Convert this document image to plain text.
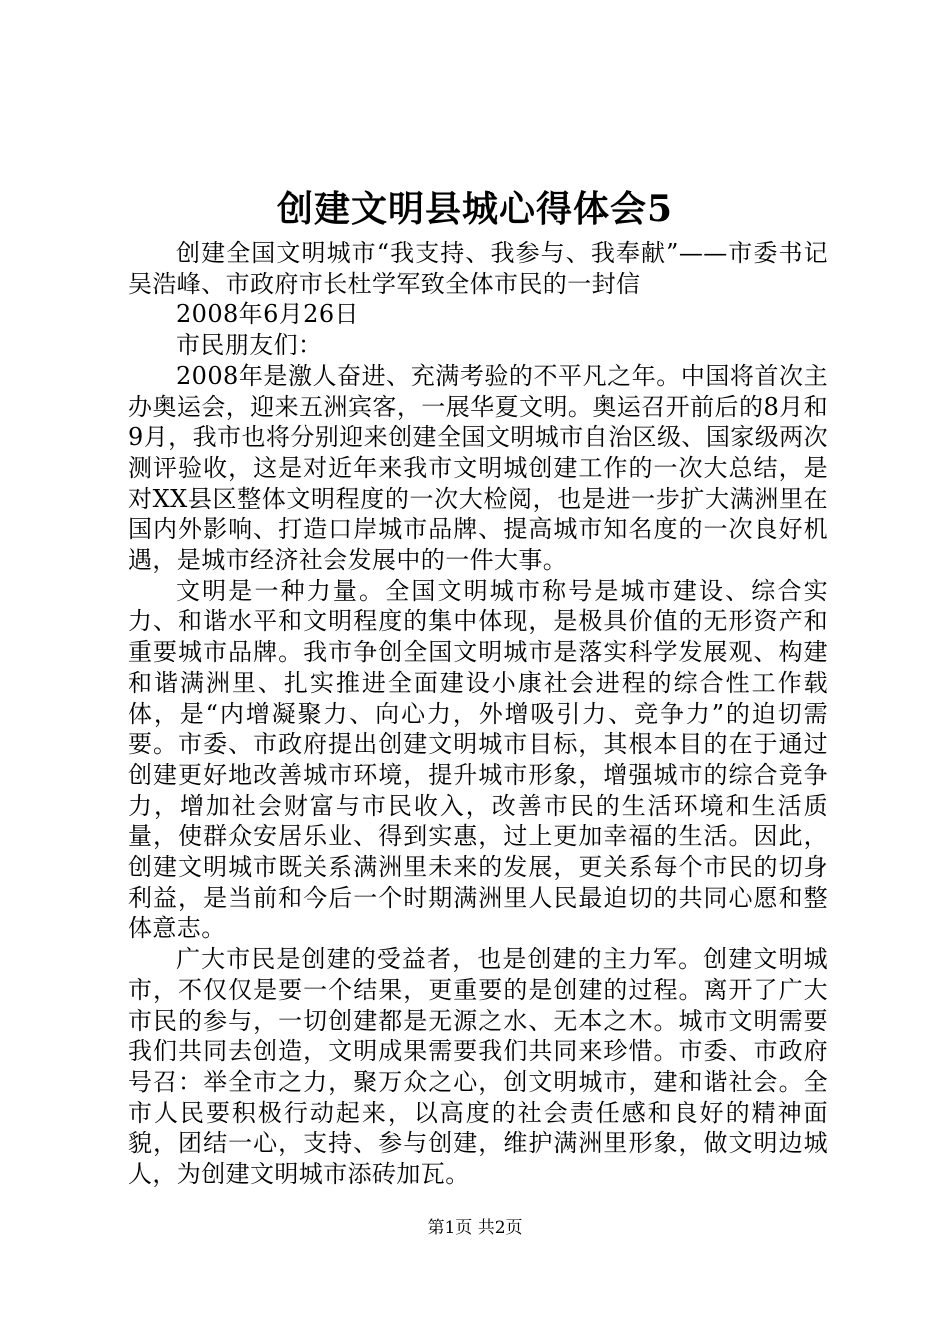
创建文明县城心得体会5

创建全国文明城市“我支持、我参与、我奉献”——市委书记吴浩峰、市政府市长杜学军致全体市民的一封信

2008年6月26日

市民朋友们：

2008年是激人奋进、充满考验的不平凡之年。中国将首次主办奥运会，迎来五洲宾客，一展华夏文明。奥运召开前后的8月和9月，我市也将分别迎来创建全国文明城市自治区级、国家级两次测评验收，这是对近年来我市文明城创建工作的一次大总结，是对XX县区整体文明程度的一次大检阅，也是进一步扩大满洲里在国内外影响、打造口岸城市品牌、提高城市知名度的一次良好机遇，是城市经济社会发展中的一件大事。

文明是一种力量。全国文明城市称号是城市建设、综合实力、和谐水平和文明程度的集中体现，是极具价值的无形资产和重要城市品牌。我市争创全国文明城市是落实科学发展观、构建和谐满洲里、扎实推进全面建设小康社会进程的综合性工作载体，是“内增凝聚力、向心力，外增吸引力、竞争力”的迫切需要。市委、市政府提出创建文明城市目标，其根本目的在于通过创建更好地改善城市环境，提升城市形象，增强城市的综合竞争力，增加社会财富与市民收入，改善市民的生活环境和生活质量，使群众安居乐业、得到实惠，过上更加幸福的生活。因此，创建文明城市既关系满洲里未来的发展，更关系每个市民的切身利益，是当前和今后一个时期满洲里人民最迫切的共同心愿和整体意志。

广大市民是创建的受益者，也是创建的主力军。创建文明城市，不仅仅是要一个结果，更重要的是创建的过程。离开了广大市民的参与，一切创建都是无源之水、无本之木。城市文明需要我们共同去创造，文明成果需要我们共同来珍惜。市委、市政府号召：举全市之力，聚万众之心，创文明城市，建和谐社会。全市人民要积极行动起来，以高度的社会责任感和良好的精神面貌，团结一心，支持、参与创建，维护满洲里形象，做文明边城人，为创建文明城市添砖加瓦。

第1页 共2页
